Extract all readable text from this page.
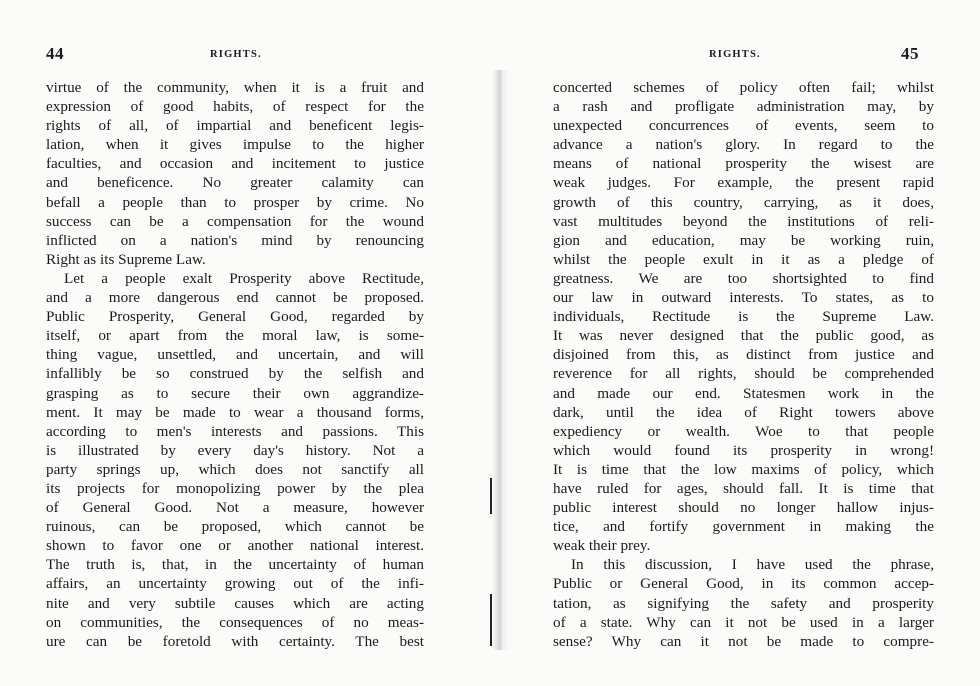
44	RIGHTS.
virtue of the community, when it is a fruit and
expression of good habits, of respect for the
rights of all, of impartial and beneficent legis-
lation, when it gives impulse to the higher
faculties, and occasion and incitement to justice
and beneficence. No greater calamity can
befall a people than to prosper by crime. No
success can be a compensation for the wound
inflicted on a nation's mind by renouncing
Right as its Supreme Law.
Let a people exalt Prosperity above Rectitude,
and a more dangerous end cannot be proposed.
Public Prosperity, General Good, regarded by
itself, or apart from the moral law, is some-
thing vague, unsettled, and uncertain, and will
infallibly be so construed by the selfish and
grasping as to secure their own aggrandize-
ment. It may be made to wear a thousand forms,
according to men's interests and passions. This
is illustrated by every day's history. Not a
party springs up, which does not sanctify all
its projects for monopolizing power by the plea
of General Good. Not a measure, however
ruinous, can be proposed, which cannot be
shown to favor one or another national interest.
The truth is, that, in the uncertainty of human
affairs, an uncertainty growing out of the infi-
nite and very subtile causes which are acting
on communities, the consequences of no meas-
ure can be foretold with certainty. The best
45
RIGHTS.
concerted schemes of policy often fail; whilst
a rash and profligate administration may, by
unexpected concurrences of events, seem to
advance a nation's glory. In regard to the
means of national prosperity the wisest are
weak judges. For example, the present rapid
growth of this country, carrying, as it does,
vast multitudes beyond the institutions of reli-
gion and education, may be working ruin,
whilst the people exult in it as a pledge of
greatness. We are too shortsighted to find
our law in outward interests. To states, as to
individuals, Rectitude is the Supreme Law.
It was never designed that the public good, as
disjoined from this, as distinct from justice and
reverence for all rights, should be comprehended
and made our end. Statesmen work in the
dark, until the idea of Right towers above
expediency or wealth. Woe to that people
which would found its prosperity in wrong!
It is time that the low maxims of policy, which
have ruled for ages, should fall. It is time that
public interest should no longer hallow injus-
tice, and fortify government in making the
weak their prey.
In this discussion, I have used the phrase,
Public or General Good, in its common accep-
tation, as signifying the safety and prosperity
of a state. Why can it not be used in a larger
sense? Why can it not be made to compre-
